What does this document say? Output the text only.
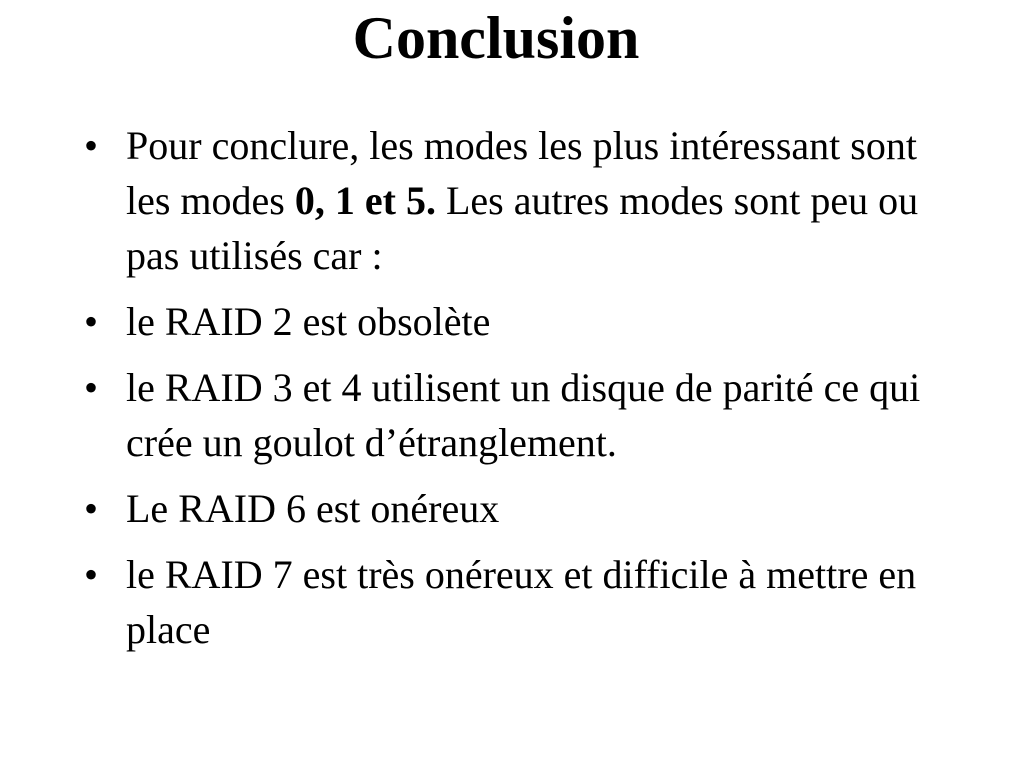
Conclusion
• Pour conclure, les modes les plus intéressant sont les modes 0, 1 et 5. Les autres modes sont peu ou pas utilisés car :
• le RAID 2 est obsolète
• le RAID 3 et 4 utilisent un disque de parité ce qui crée un goulot d’étranglement.
• Le RAID 6 est onéreux
• le RAID 7 est très onéreux et difficile à mettre en place
